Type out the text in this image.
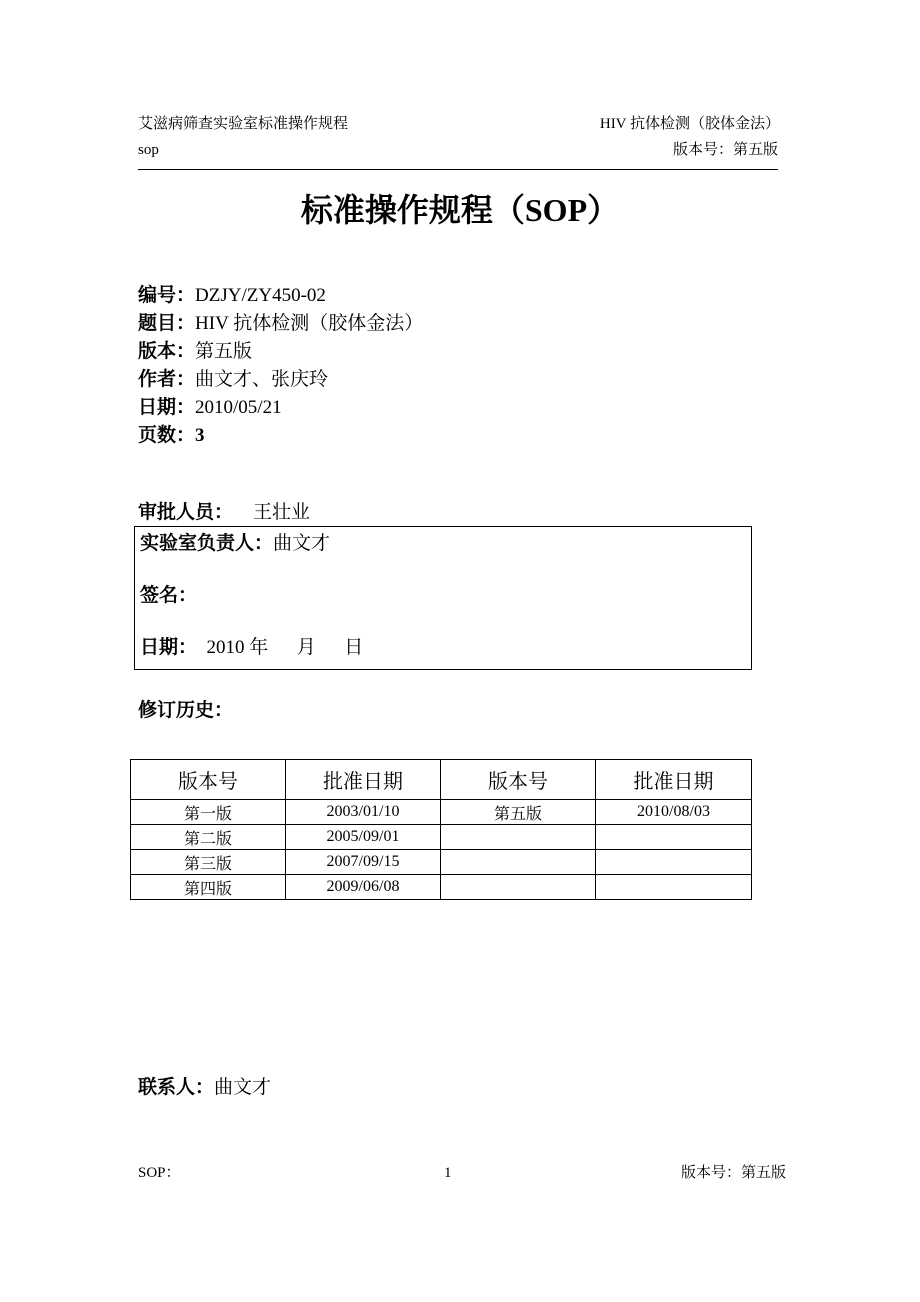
艾滋病筛查实验室标准操作规程
sop
HIV 抗体检测（胶体金法）
版本号：第五版
标准操作规程（SOP）
编号：DZJY/ZY450-02
题目：HIV 抗体检测（胶体金法）
版本：第五版
作者：曲文才、张庆玲
日期：2010/05/21
页数：3
审批人员： 王壮业
实验室负责人：曲文才
签名：
日期： 2010 年      月      日
修订历史：
版本号	批准日期	版本号	批准日期
第一版	2003/01/10	第五版	2010/08/03
第二版	2005/09/01		
第三版	2007/09/15		
第四版	2009/06/08		
联系人：曲文才
SOP：	1	版本号：第五版
